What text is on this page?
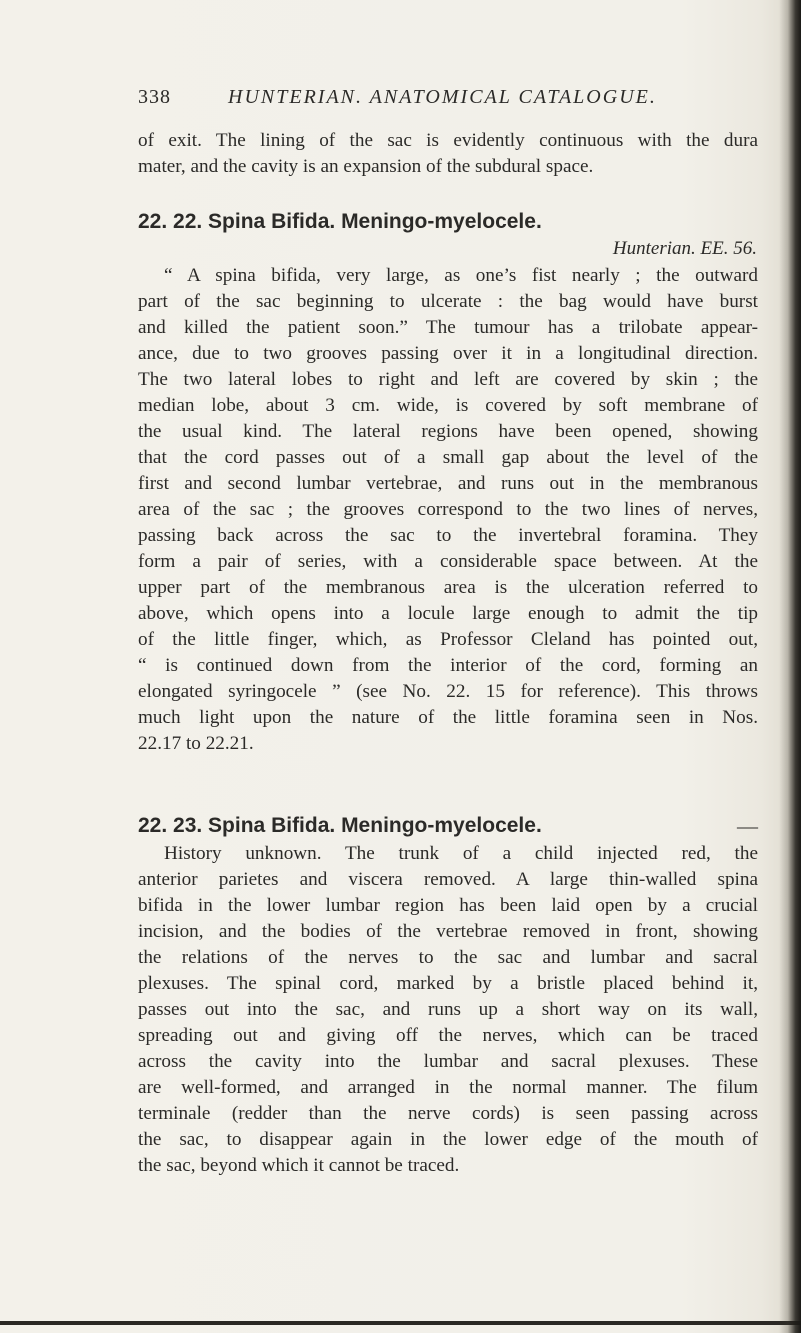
338	HUNTERIAN. ANATOMICAL CATALOGUE.
of exit. The lining of the sac is evidently continuous with the dura
mater, and the cavity is an expansion of the subdural space.
22. 22. Spina Bifida. Meningo-myelocele.
Hunterian. EE. 56.
“ A spina bifida, very large, as one’s fist nearly ; the outward
part of the sac beginning to ulcerate : the bag would have burst
and killed the patient soon.” The tumour has a trilobate appear-
ance, due to two grooves passing over it in a longitudinal direction.
The two lateral lobes to right and left are covered by skin ; the
median lobe, about 3 cm. wide, is covered by soft membrane of
the usual kind. The lateral regions have been opened, showing
that the cord passes out of a small gap about the level of the
first and second lumbar vertebrae, and runs out in the membranous
area of the sac ; the grooves correspond to the two lines of nerves,
passing back across the sac to the invertebral foramina. They
form a pair of series, with a considerable space between. At the
upper part of the membranous area is the ulceration referred to
above, which opens into a locule large enough to admit the tip
of the little finger, which, as Professor Cleland has pointed out,
“ is continued down from the interior of the cord, forming an
elongated syringocele ” (see No. 22. 15 for reference). This throws
much light upon the nature of the little foramina seen in Nos.
22.17 to 22.21.
22. 23. Spina Bifida. Meningo-myelocele.	—
History unknown. The trunk of a child injected red, the
anterior parietes and viscera removed. A large thin-walled spina
bifida in the lower lumbar region has been laid open by a crucial
incision, and the bodies of the vertebrae removed in front, showing
the relations of the nerves to the sac and lumbar and sacral
plexuses. The spinal cord, marked by a bristle placed behind it,
passes out into the sac, and runs up a short way on its wall,
spreading out and giving off the nerves, which can be traced
across the cavity into the lumbar and sacral plexuses. These
are well-formed, and arranged in the normal manner. The filum
terminale (redder than the nerve cords) is seen passing across
the sac, to disappear again in the lower edge of the mouth of
the sac, beyond which it cannot be traced.
